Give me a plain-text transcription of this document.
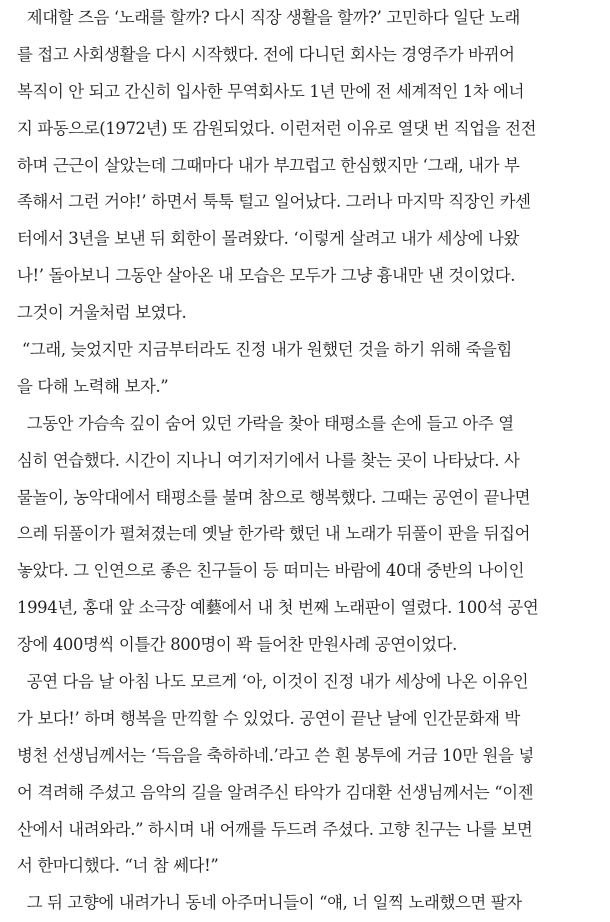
제대할 즈음 ‘노래를 할까? 다시 직장 생활을 할까?’ 고민하다 일단 노래
를 접고 사회생활을 다시 시작했다. 전에 다니던 회사는 경영주가 바뀌어
복직이 안 되고 간신히 입사한 무역회사도 1년 만에 전 세계적인 1차 에너
지 파동으로(1972년) 또 감원되었다. 이런저런 이유로 열댓 번 직업을 전전
하며 근근이 살았는데 그때마다 내가 부끄럽고 한심했지만 ‘그래, 내가 부
족해서 그런 거야!’ 하면서 툭툭 털고 일어났다. 그러나 마지막 직장인 카센
터에서 3년을 보낸 뒤 회한이 몰려왔다. ‘이렇게 살려고 내가 세상에 나왔
나!’ 돌아보니 그동안 살아온 내 모습은 모두가 그냥 흉내만 낸 것이었다.
그것이 거울처럼 보였다.
“그래, 늦었지만 지금부터라도 진정 내가 원했던 것을 하기 위해 죽을힘
을 다해 노력해 보자.”
그동안 가슴속 깊이 숨어 있던 가락을 찾아 태평소를 손에 들고 아주 열
심히 연습했다. 시간이 지나니 여기저기에서 나를 찾는 곳이 나타났다. 사
물놀이, 농악대에서 태평소를 불며 참으로 행복했다. 그때는 공연이 끝나면
으레 뒤풀이가 펼쳐졌는데 옛날 한가락 했던 내 노래가 뒤풀이 판을 뒤집어
놓았다. 그 인연으로 좋은 친구들이 등 떠미는 바람에 40대 중반의 나이인
1994년, 홍대 앞 소극장 예藝에서 내 첫 번째 노래판이 열렸다. 100석 공연
장에 400명씩 이틀간 800명이 꽉 들어찬 만원사례 공연이었다.
공연 다음 날 아침 나도 모르게 ‘아, 이것이 진정 내가 세상에 나온 이유인
가 보다!’ 하며 행복을 만끽할 수 있었다. 공연이 끝난 날에 인간문화재 박
병천 선생님께서는 ‘득음을 축하하네.’라고 쓴 흰 봉투에 거금 10만 원을 넣
어 격려해 주셨고 음악의 길을 알려주신 타악가 김대환 선생님께서는 “이젠
산에서 내려와라.” 하시며 내 어깨를 두드려 주셨다. 고향 친구는 나를 보면
서 한마디했다. “너 참 쎄다!”
그 뒤 고향에 내려가니 동네 아주머니들이 “얘, 너 일찍 노래했으면 팔자
